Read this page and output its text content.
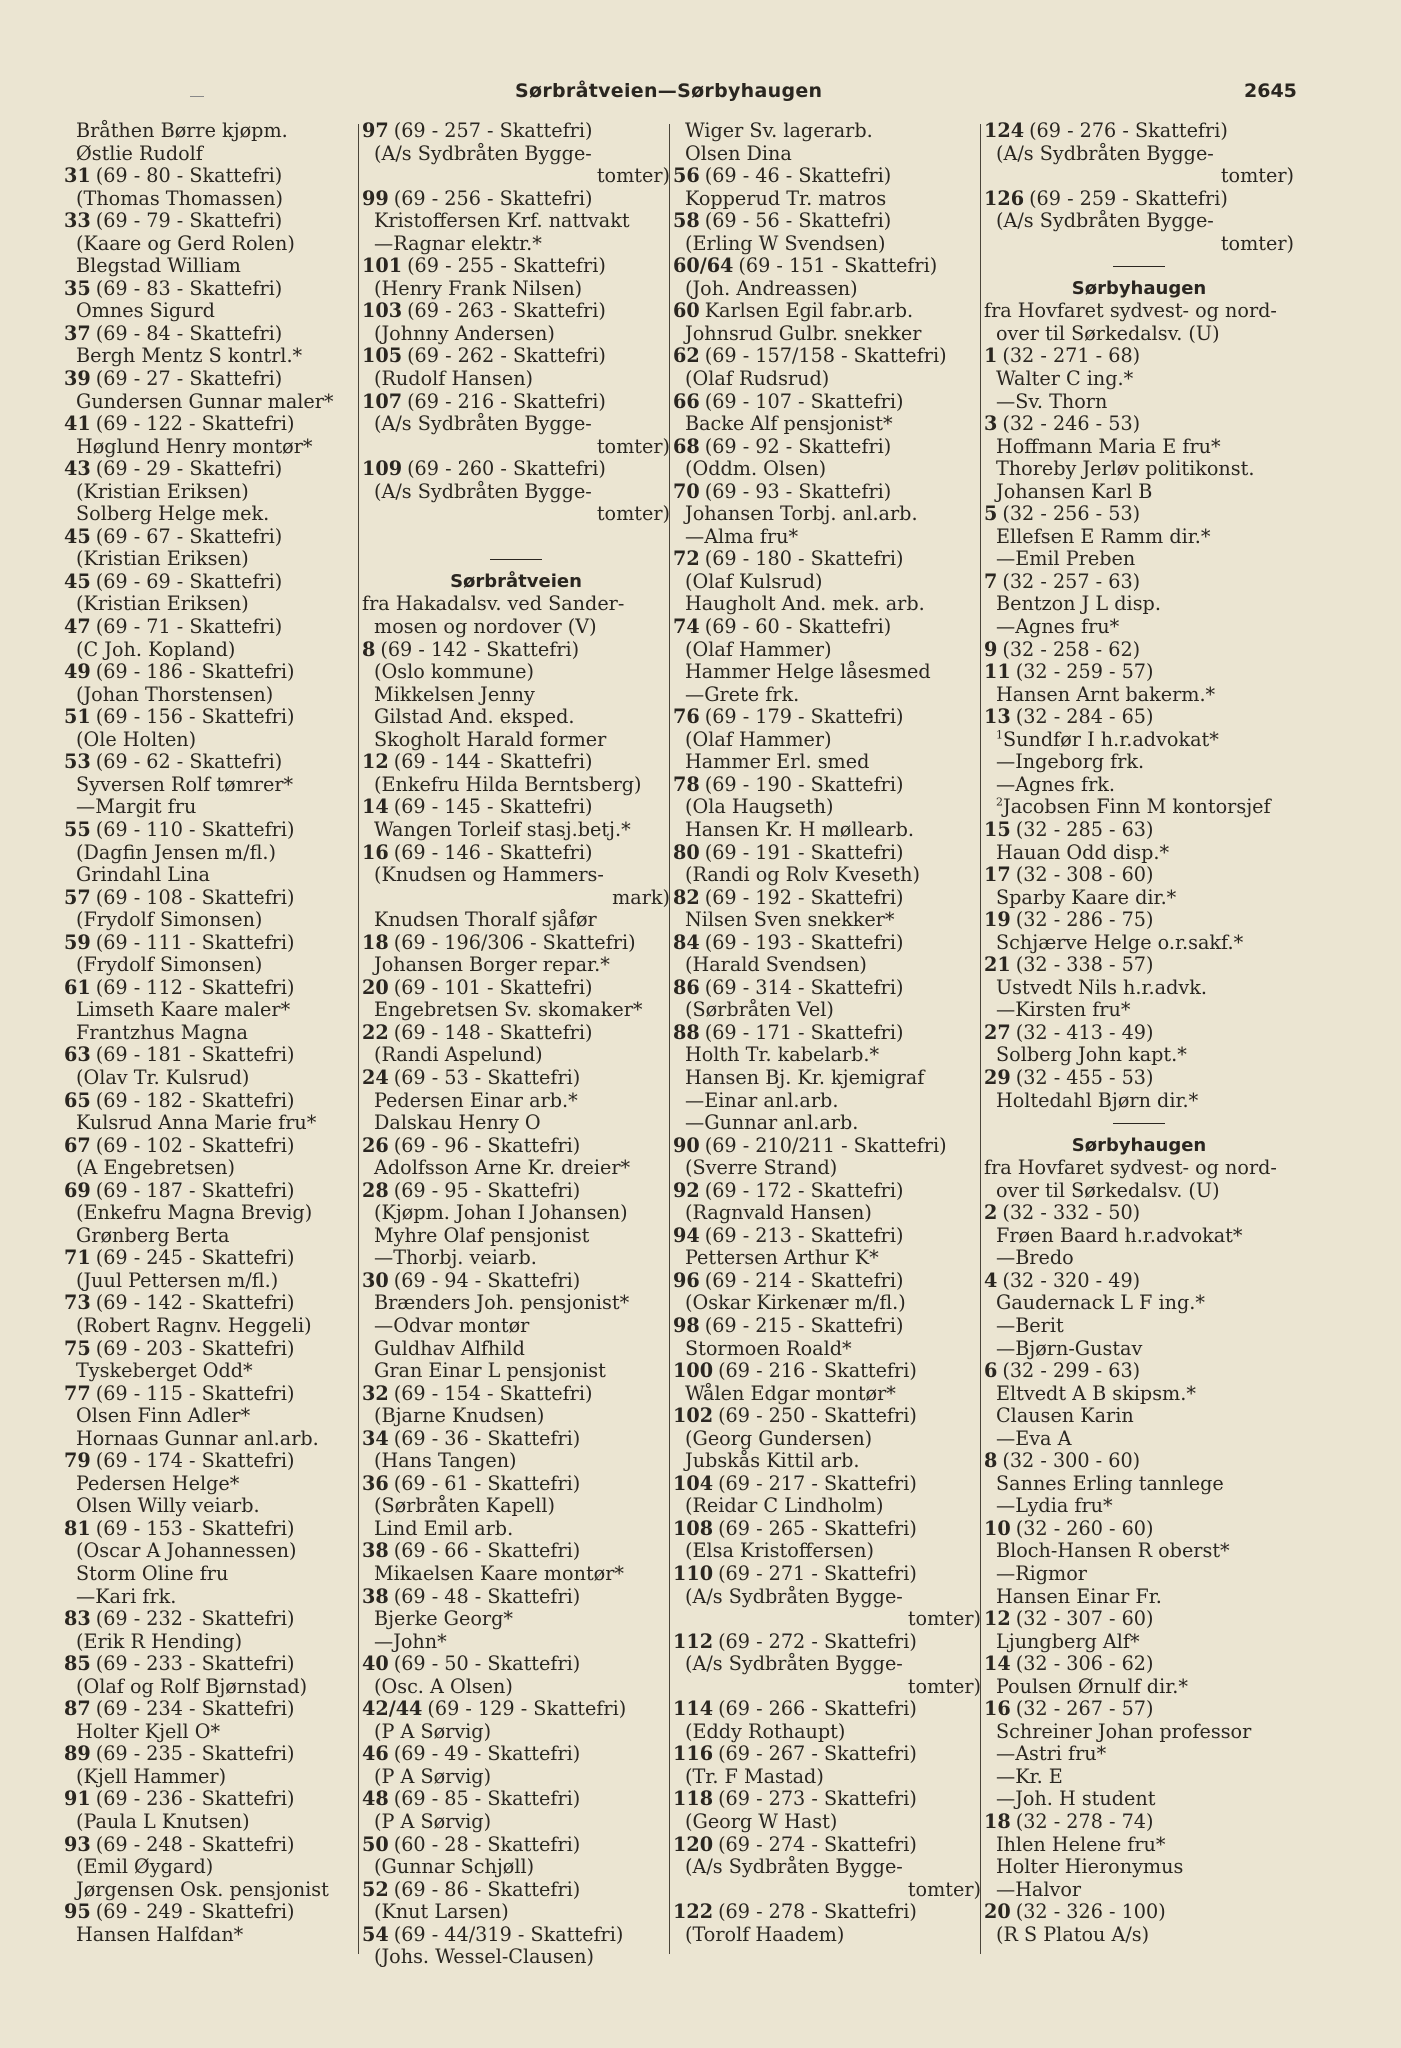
Sørbråtveien—Sørbyhaugen	2645
Bråthen Børre kjøpm.
Østlie Rudolf
31 (69 - 80 - Skattefri)
(Thomas Thomassen)
33 (69 - 79 - Skattefri)
(Kaare og Gerd Rolen)
Blegstad William
35 (69 - 83 - Skattefri)
Omnes Sigurd
37 (69 - 84 - Skattefri)
Bergh Mentz S kontrl.*
39 (69 - 27 - Skattefri)
Gundersen Gunnar maler*
41 (69 - 122 - Skattefri)
Høglund Henry montør*
43 (69 - 29 - Skattefri)
(Kristian Eriksen)
Solberg Helge mek.
45 (69 - 67 - Skattefri)
(Kristian Eriksen)
45 (69 - 69 - Skattefri)
(Kristian Eriksen)
47 (69 - 71 - Skattefri)
(C Joh. Kopland)
49 (69 - 186 - Skattefri)
(Johan Thorstensen)
51 (69 - 156 - Skattefri)
(Ole Holten)
53 (69 - 62 - Skattefri)
Syversen Rolf tømrer*
—Margit fru
55 (69 - 110 - Skattefri)
(Dagfin Jensen m/fl.)
Grindahl Lina
57 (69 - 108 - Skattefri)
(Frydolf Simonsen)
59 (69 - 111 - Skattefri)
(Frydolf Simonsen)
61 (69 - 112 - Skattefri)
Limseth Kaare maler*
Frantzhus Magna
63 (69 - 181 - Skattefri)
(Olav Tr. Kulsrud)
65 (69 - 182 - Skattefri)
Kulsrud Anna Marie fru*
67 (69 - 102 - Skattefri)
(A Engebretsen)
69 (69 - 187 - Skattefri)
(Enkefru Magna Brevig)
Grønberg Berta
71 (69 - 245 - Skattefri)
(Juul Pettersen m/fl.)
73 (69 - 142 - Skattefri)
(Robert Ragnv. Heggeli)
75 (69 - 203 - Skattefri)
Tyskeberget Odd*
77 (69 - 115 - Skattefri)
Olsen Finn Adler*
Hornaas Gunnar anl.arb.
79 (69 - 174 - Skattefri)
Pedersen Helge*
Olsen Willy veiarb.
81 (69 - 153 - Skattefri)
(Oscar A Johannessen)
Storm Oline fru
—Kari frk.
83 (69 - 232 - Skattefri)
(Erik R Hending)
85 (69 - 233 - Skattefri)
(Olaf og Rolf Bjørnstad)
87 (69 - 234 - Skattefri)
Holter Kjell O*
89 (69 - 235 - Skattefri)
(Kjell Hammer)
91 (69 - 236 - Skattefri)
(Paula L Knutsen)
93 (69 - 248 - Skattefri)
(Emil Øygard)
Jørgensen Osk. pensjonist
95 (69 - 249 - Skattefri)
Hansen Halfdan*
97 (69 - 257 - Skattefri)
(A/s Sydbråten Bygge-
tomter)
99 (69 - 256 - Skattefri)
Kristoffersen Krf. nattvakt
—Ragnar elektr.*
101 (69 - 255 - Skattefri)
(Henry Frank Nilsen)
103 (69 - 263 - Skattefri)
(Johnny Andersen)
105 (69 - 262 - Skattefri)
(Rudolf Hansen)
107 (69 - 216 - Skattefri)
(A/s Sydbråten Bygge-
tomter)
109 (69 - 260 - Skattefri)
(A/s Sydbråten Bygge-
tomter)
Sørbråtveien
fra Hakadalsv. ved Sander-
mosen og nordover (V)
8 (69 - 142 - Skattefri)
(Oslo kommune)
Mikkelsen Jenny
Gilstad And. eksped.
Skogholt Harald former
12 (69 - 144 - Skattefri)
(Enkefru Hilda Berntsberg)
14 (69 - 145 - Skattefri)
Wangen Torleif stasj.betj.*
16 (69 - 146 - Skattefri)
(Knudsen og Hammers-
mark)
Knudsen Thoralf sjåfør
18 (69 - 196/306 - Skattefri)
Johansen Borger repar.*
20 (69 - 101 - Skattefri)
Engebretsen Sv. skomaker*
22 (69 - 148 - Skattefri)
(Randi Aspelund)
24 (69 - 53 - Skattefri)
Pedersen Einar arb.*
Dalskau Henry O
26 (69 - 96 - Skattefri)
Adolfsson Arne Kr. dreier*
28 (69 - 95 - Skattefri)
(Kjøpm. Johan I Johansen)
Myhre Olaf pensjonist
—Thorbj. veiarb.
30 (69 - 94 - Skattefri)
Brænders Joh. pensjonist*
—Odvar montør
Guldhav Alfhild
Gran Einar L pensjonist
32 (69 - 154 - Skattefri)
(Bjarne Knudsen)
34 (69 - 36 - Skattefri)
(Hans Tangen)
36 (69 - 61 - Skattefri)
(Sørbråten Kapell)
Lind Emil arb.
38 (69 - 66 - Skattefri)
Mikaelsen Kaare montør*
38 (69 - 48 - Skattefri)
Bjerke Georg*
—John*
40 (69 - 50 - Skattefri)
(Osc. A Olsen)
42/44 (69 - 129 - Skattefri)
(P A Sørvig)
46 (69 - 49 - Skattefri)
(P A Sørvig)
48 (69 - 85 - Skattefri)
(P A Sørvig)
50 (60 - 28 - Skattefri)
(Gunnar Schjøll)
52 (69 - 86 - Skattefri)
(Knut Larsen)
54 (69 - 44/319 - Skattefri)
(Johs. Wessel-Clausen)
Wiger Sv. lagerarb.
Olsen Dina
56 (69 - 46 - Skattefri)
Kopperud Tr. matros
58 (69 - 56 - Skattefri)
(Erling W Svendsen)
60/64 (69 - 151 - Skattefri)
(Joh. Andreassen)
60 Karlsen Egil fabr.arb.
Johnsrud Gulbr. snekker
62 (69 - 157/158 - Skattefri)
(Olaf Rudsrud)
66 (69 - 107 - Skattefri)
Backe Alf pensjonist*
68 (69 - 92 - Skattefri)
(Oddm. Olsen)
70 (69 - 93 - Skattefri)
Johansen Torbj. anl.arb.
—Alma fru*
72 (69 - 180 - Skattefri)
(Olaf Kulsrud)
Haugholt And. mek. arb.
74 (69 - 60 - Skattefri)
(Olaf Hammer)
Hammer Helge låsesmed
—Grete frk.
76 (69 - 179 - Skattefri)
(Olaf Hammer)
Hammer Erl. smed
78 (69 - 190 - Skattefri)
(Ola Haugseth)
Hansen Kr. H møllearb.
80 (69 - 191 - Skattefri)
(Randi og Rolv Kveseth)
82 (69 - 192 - Skattefri)
Nilsen Sven snekker*
84 (69 - 193 - Skattefri)
(Harald Svendsen)
86 (69 - 314 - Skattefri)
(Sørbråten Vel)
88 (69 - 171 - Skattefri)
Holth Tr. kabelarb.*
Hansen Bj. Kr. kjemigraf
—Einar anl.arb.
—Gunnar anl.arb.
90 (69 - 210/211 - Skattefri)
(Sverre Strand)
92 (69 - 172 - Skattefri)
(Ragnvald Hansen)
94 (69 - 213 - Skattefri)
Pettersen Arthur K*
96 (69 - 214 - Skattefri)
(Oskar Kirkenær m/fl.)
98 (69 - 215 - Skattefri)
Stormoen Roald*
100 (69 - 216 - Skattefri)
Wålen Edgar montør*
102 (69 - 250 - Skattefri)
(Georg Gundersen)
Jubskås Kittil arb.
104 (69 - 217 - Skattefri)
(Reidar C Lindholm)
108 (69 - 265 - Skattefri)
(Elsa Kristoffersen)
110 (69 - 271 - Skattefri)
(A/s Sydbråten Bygge-
tomter)
112 (69 - 272 - Skattefri)
(A/s Sydbråten Bygge-
tomter)
114 (69 - 266 - Skattefri)
(Eddy Rothaupt)
116 (69 - 267 - Skattefri)
(Tr. F Mastad)
118 (69 - 273 - Skattefri)
(Georg W Hast)
120 (69 - 274 - Skattefri)
(A/s Sydbråten Bygge-
tomter)
122 (69 - 278 - Skattefri)
(Torolf Haadem)
124 (69 - 276 - Skattefri)
(A/s Sydbråten Bygge-
tomter)
126 (69 - 259 - Skattefri)
(A/s Sydbråten Bygge-
tomter)
Sørbyhaugen
fra Hovfaret sydvest- og nord-
over til Sørkedalsv. (U)
1 (32 - 271 - 68)
Walter C ing.*
—Sv. Thorn
3 (32 - 246 - 53)
Hoffmann Maria E fru*
Thoreby Jerløv politikonst.
Johansen Karl B
5 (32 - 256 - 53)
Ellefsen E Ramm dir.*
—Emil Preben
7 (32 - 257 - 63)
Bentzon J L disp.
—Agnes fru*
9 (32 - 258 - 62)
11 (32 - 259 - 57)
Hansen Arnt bakerm.*
13 (32 - 284 - 65)
$^1$Sundfør I h.r.advokat*
—Ingeborg frk.
—Agnes frk.
$^2$Jacobsen Finn M kontorsjef
15 (32 - 285 - 63)
Hauan Odd disp.*
17 (32 - 308 - 60)
Sparby Kaare dir.*
19 (32 - 286 - 75)
Schjærve Helge o.r.sakf.*
21 (32 - 338 - 57)
Ustvedt Nils h.r.advk.
—Kirsten fru*
27 (32 - 413 - 49)
Solberg John kapt.*
29 (32 - 455 - 53)
Holtedahl Bjørn dir.*
Sørbyhaugen
fra Hovfaret sydvest- og nord-
over til Sørkedalsv. (U)
2 (32 - 332 - 50)
Frøen Baard h.r.advokat*
—Bredo
4 (32 - 320 - 49)
Gaudernack L F ing.*
—Berit
—Bjørn-Gustav
6 (32 - 299 - 63)
Eltvedt A B skipsm.*
Clausen Karin
—Eva A
8 (32 - 300 - 60)
Sannes Erling tannlege
—Lydia fru*
10 (32 - 260 - 60)
Bloch-Hansen R oberst*
—Rigmor
Hansen Einar Fr.
12 (32 - 307 - 60)
Ljungberg Alf*
14 (32 - 306 - 62)
Poulsen Ørnulf dir.*
16 (32 - 267 - 57)
Schreiner Johan professor
—Astri fru*
—Kr. E
—Joh. H student
18 (32 - 278 - 74)
Ihlen Helene fru*
Holter Hieronymus
—Halvor
20 (32 - 326 - 100)
(R S Platou A/s)
